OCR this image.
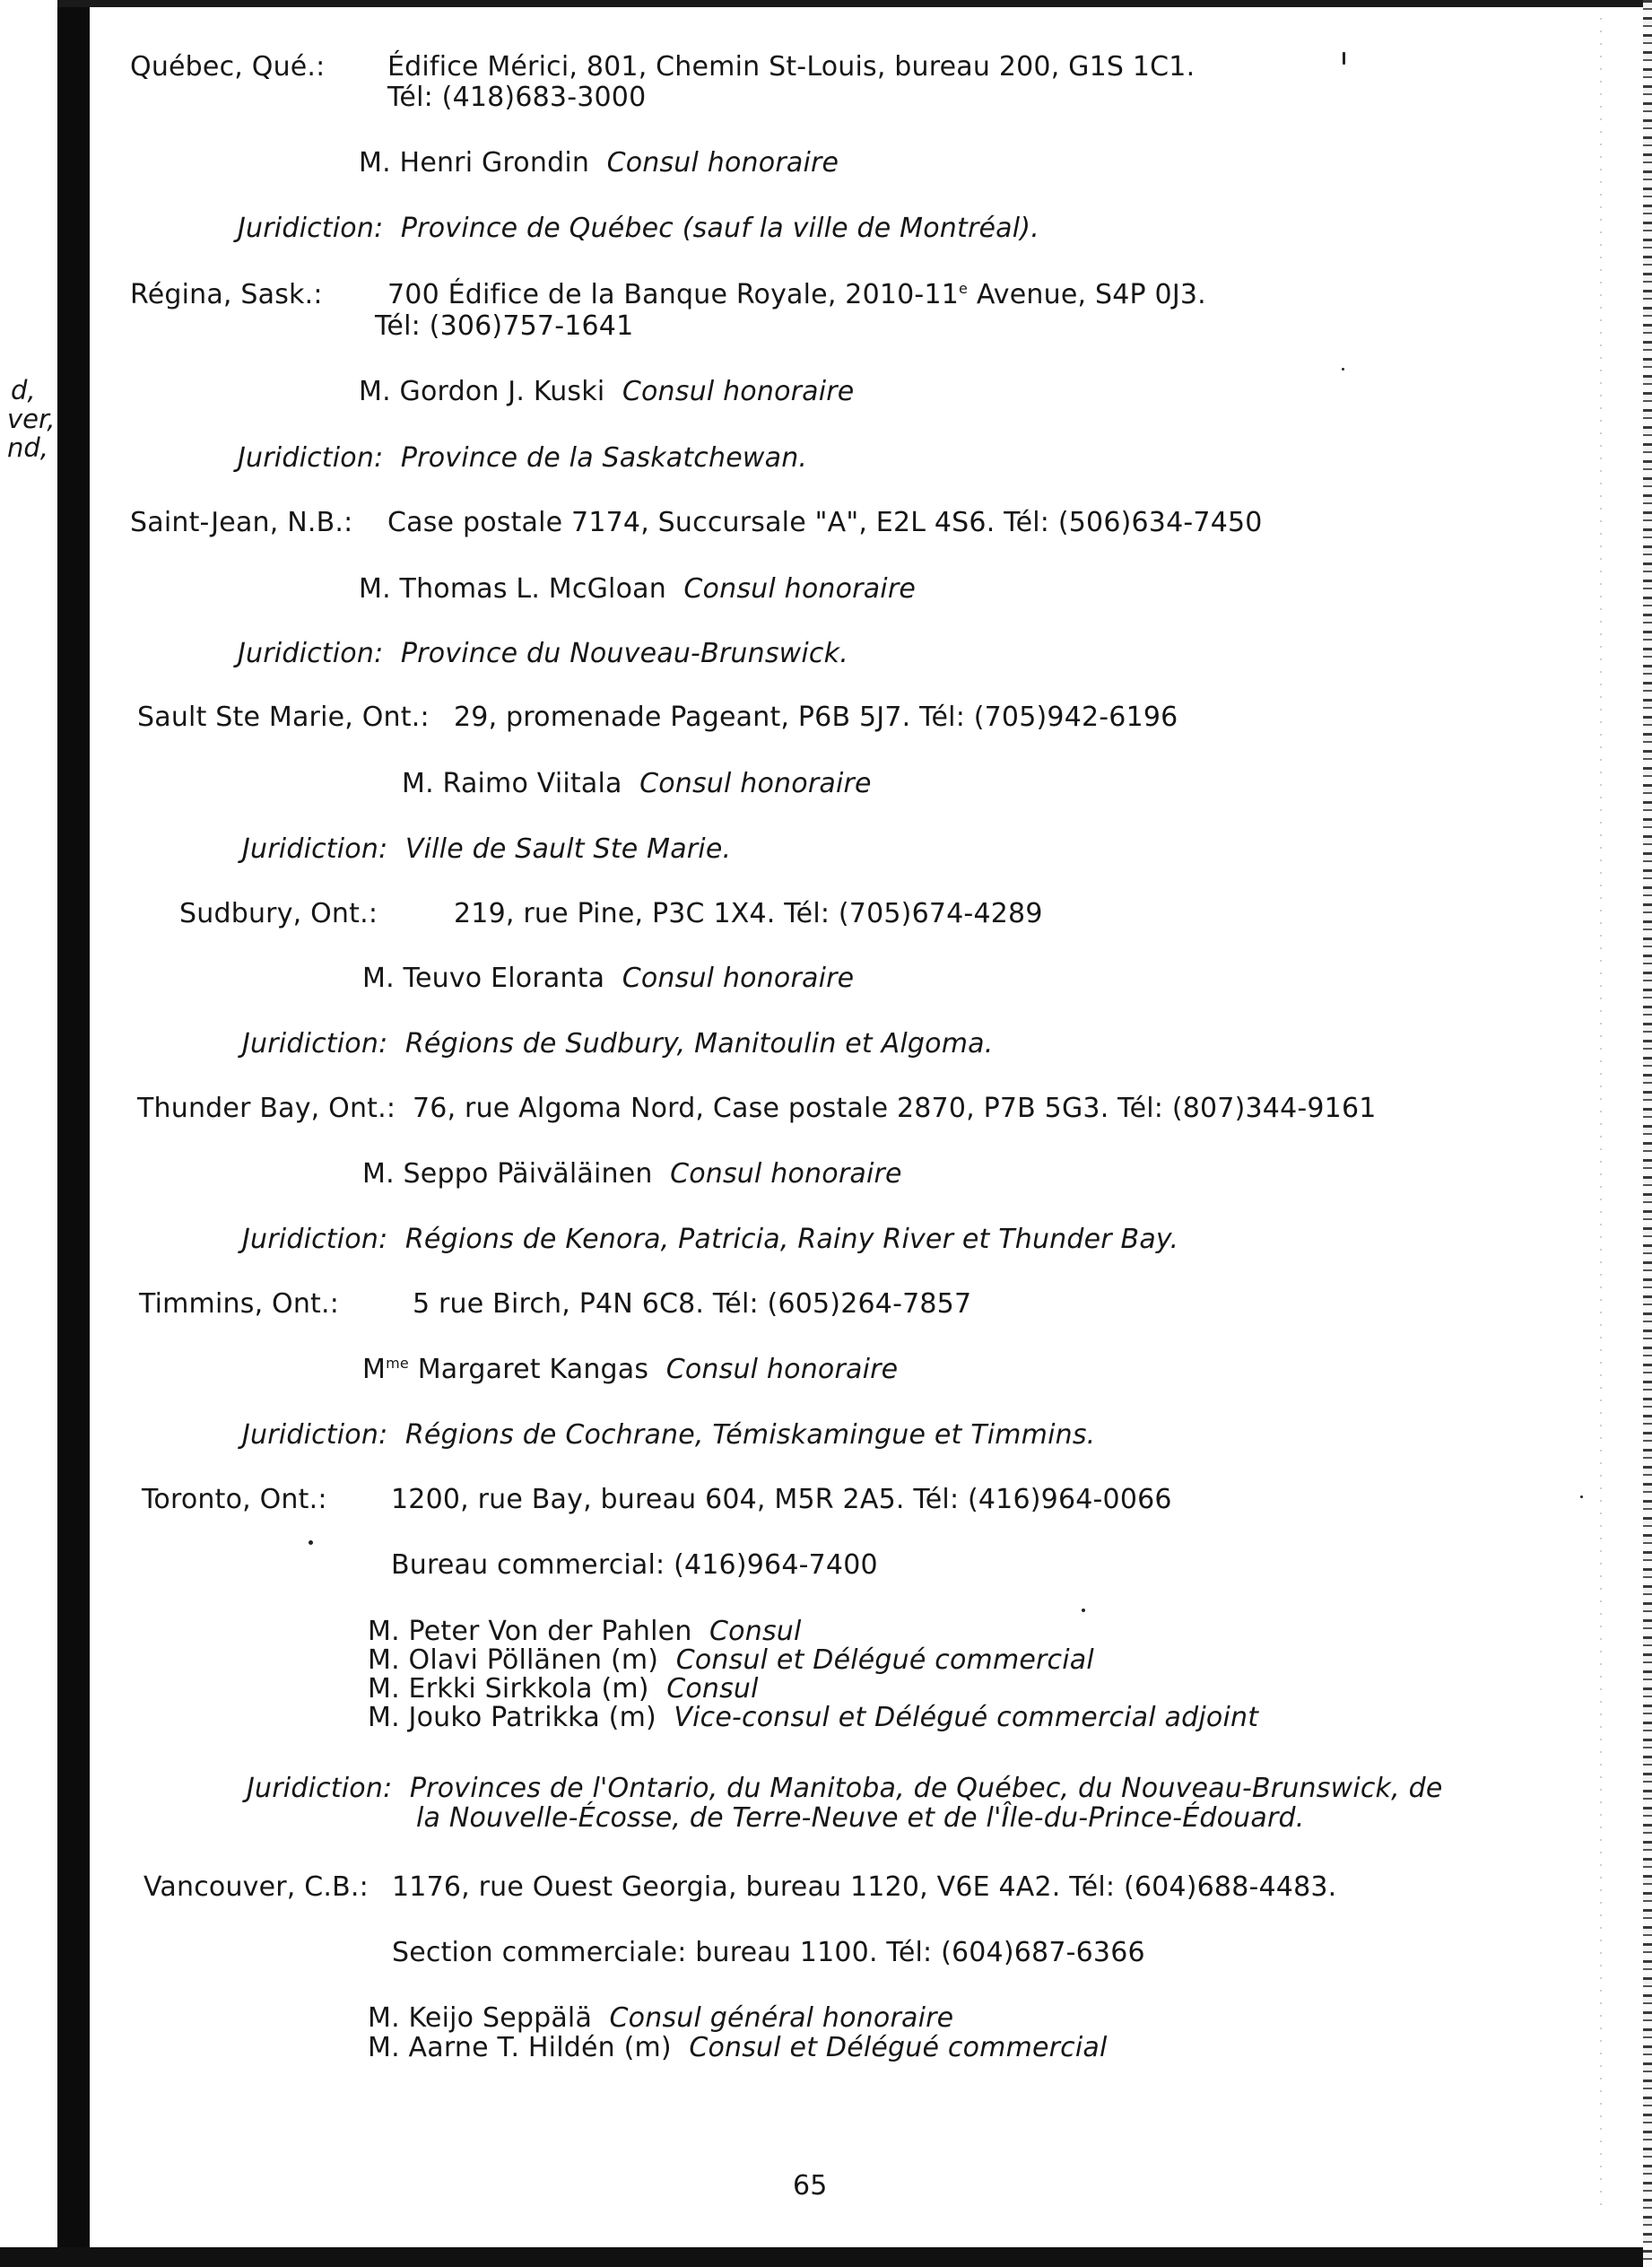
d,
ver,
nd,
Québec, Qué.: Édifice Mérici, 801, Chemin St-Louis, bureau 200, G1S 1C1.
Tél: (418)683-3000
M. Henri Grondin Consul honoraire
Juridiction: Province de Québec (sauf la ville de Montréal).
Régina, Sask.: 700 Édifice de la Banque Royale, 2010-11e Avenue, S4P 0J3.
Tél: (306)757-1641
M. Gordon J. Kuski Consul honoraire
Juridiction: Province de la Saskatchewan.
Saint-Jean, N.B.: Case postale 7174, Succursale "A", E2L 4S6. Tél: (506)634-7450
M. Thomas L. McGloan Consul honoraire
Juridiction: Province du Nouveau-Brunswick.
Sault Ste Marie, Ont.: 29, promenade Pageant, P6B 5J7. Tél: (705)942-6196
M. Raimo Viitala Consul honoraire
Juridiction: Ville de Sault Ste Marie.
Sudbury, Ont.:	219, rue Pine, P3C 1X4. Tél: (705)674-4289
M. Teuvo Eloranta Consul honoraire
Juridiction: Régions de Sudbury, Manitoulin et Algoma.
Thunder Bay, Ont.: 76, rue Algoma Nord, Case postale 2870, P7B 5G3. Tél: (807)344-9161
M. Seppo Päiväläinen Consul honoraire
Juridiction: Régions de Kenora, Patricia, Rainy River et Thunder Bay.
Timmins, Ont.:	5 rue Birch, P4N 6C8. Tél: (605)264-7857
$M^{me}$ Margaret Kangas Consul honoraire
Juridiction: Régions de Cochrane, Témiskamingue et Timmins.
Toronto, Ont.: 1200, rue Bay, bureau 604, M5R 2A5. Tél: (416)964-0066
Bureau commercial: (416)964-7400
M. Peter Von der Pahlen Consul
M. Olavi Pöllänen (m) Consul et Délégué commercial
M. Erkki Sirkkola (m) Consul
M. Jouko Patrikka (m) Vice-consul et Délégué commercial adjoint
Juridiction: Provinces de l'Ontario, du Manitoba, de Québec, du Nouveau-Brunswick, de
la Nouvelle-Écosse, de Terre-Neuve et de l'Île-du-Prince-Édouard.
Vancouver, C.B.: 1176, rue Ouest Georgia, bureau 1120, V6E 4A2. Tél: (604)688-4483.
Section commerciale: bureau 1100. Tél: (604)687-6366
M. Keijo Seppälä Consul général honoraire
M. Aarne T. Hildén (m) Consul et Délégué commercial
65
